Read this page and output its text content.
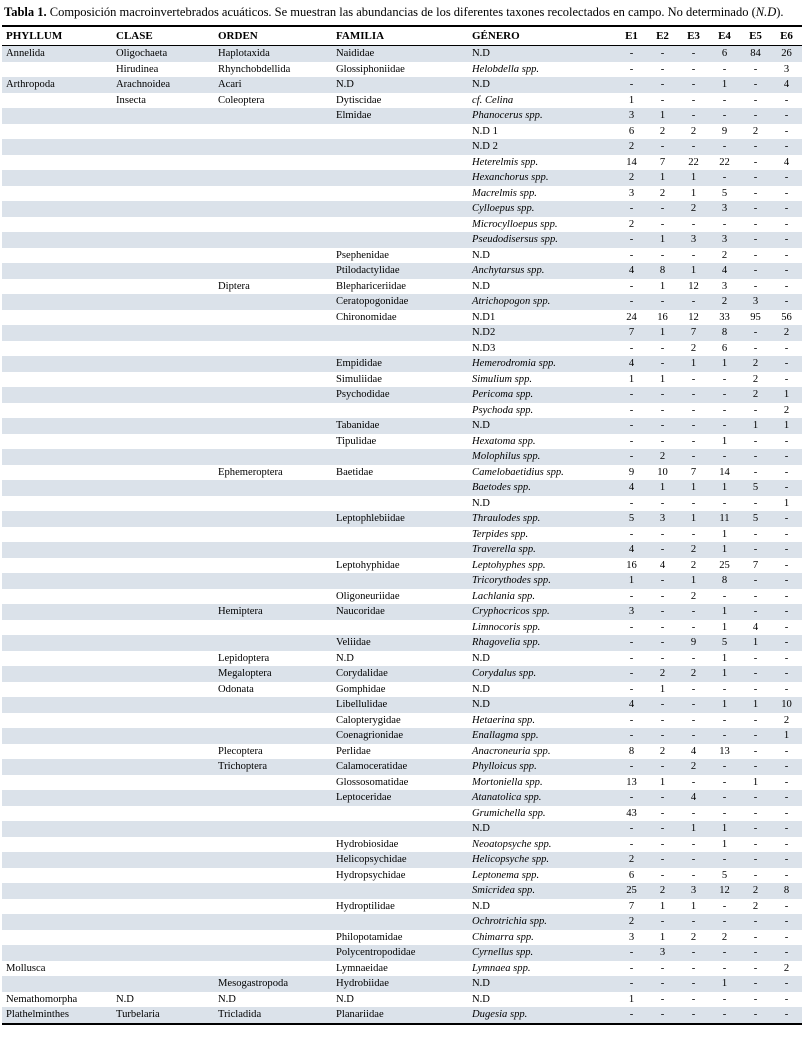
Tabla 1. Composición macroinvertebrados acuáticos. Se muestran las abundancias de los diferentes taxones recolectados en campo. No determinado (N.D).
PHYLLUM	CLASE	ORDEN	FAMILIA	GÉNERO	E1	E2	E3	E4	E5	E6
Annelida	Oligochaeta	Haplotaxida	Naididae	N.D	-	-	-	6	84	26
	Hirudinea	Rhynchobdellida	Glossiphoniidae	Helobdella spp.	-	-	-	-	-	3
Arthropoda	Arachnoidea	Acari	N.D	N.D	-	-	-	1	-	4
	Insecta	Coleoptera	Dytiscidae	cf. Celina	1	-	-	-	-	-
			Elmidae	Phanocerus spp.	3	1	-	-	-	-
				N.D 1	6	2	2	9	2	-
				N.D 2	2	-	-	-	-	-
				Heterelmis spp.	14	7	22	22	-	4
				Hexanchorus spp.	2	1	1	-	-	-
				Macrelmis spp.	3	2	1	5	-	-
				Cylloepus spp.	-	-	2	3	-	-
				Microcylloepus spp.	2	-	-	-	-	-
				Pseudodisersus spp.	-	1	3	3	-	-
			Psephenidae	N.D	-	-	-	2	-	-
			Ptilodactylidae	Anchytarsus spp.	4	8	1	4	-	-
		Diptera	Blephariceriidae	N.D	-	1	12	3	-	-
			Ceratopogonidae	Atrichopogon spp.	-	-	-	2	3	-
			Chironomidae	N.D1	24	16	12	33	95	56
				N.D2	7	1	7	8	-	2
				N.D3	-	-	2	6	-	-
			Empididae	Hemerodromia spp.	4	-	1	1	2	-
			Simuliidae	Simulium spp.	1	1	-	-	2	-
			Psychodidae	Pericoma spp.	-	-	-	-	2	1
				Psychoda spp.	-	-	-	-	-	2
			Tabanidae	N.D	-	-	-	-	1	1
			Tipulidae	Hexatoma spp.	-	-	-	1	-	-
				Molophilus spp.	-	2	-	-	-	-
		Ephemeroptera	Baetidae	Camelobaetidius spp.	9	10	7	14	-	-
				Baetodes spp.	4	1	1	1	5	-
				N.D	-	-	-	-	-	1
			Leptophlebiidae	Thraulodes spp.	5	3	1	11	5	-
				Terpides spp.	-	-	-	1	-	-
				Traverella spp.	4	-	2	1	-	-
			Leptohyphidae	Leptohyphes spp.	16	4	2	25	7	-
				Tricorythodes spp.	1	-	1	8	-	-
			Oligoneuriidae	Lachlania spp.	-	-	2	-	-	-
		Hemiptera	Naucoridae	Cryphocricos spp.	3	-	-	1	-	-
				Limnocoris spp.	-	-	-	1	4	-
			Veliidae	Rhagovelia spp.	-	-	9	5	1	-
		Lepidoptera	N.D	N.D	-	-	-	1	-	-
		Megaloptera	Corydalidae	Corydalus spp.	-	2	2	1	-	-
		Odonata	Gomphidae	N.D	-	1	-	-	-	-
			Libellulidae	N.D	4	-	-	1	1	10
			Calopterygidae	Hetaerina spp.	-	-	-	-	-	2
			Coenagrionidae	Enallagma spp.	-	-	-	-	-	1
		Plecoptera	Perlidae	Anacroneuria spp.	8	2	4	13	-	-
		Trichoptera	Calamoceratidae	Phylloicus spp.	-	-	2	-	-	-
			Glossosomatidae	Mortoniella spp.	13	1	-	-	1	-
			Leptoceridae	Atanatolica spp.	-	-	4	-	-	-
				Grumichella spp.	43	-	-	-	-	-
				N.D	-	-	1	1	-	-
			Hydrobiosidae	Neoatopsyche spp.	-	-	-	1	-	-
			Helicopsychidae	Helicopsyche spp.	2	-	-	-	-	-
			Hydropsychidae	Leptonema spp.	6	-	-	5	-	-
				Smicridea spp.	25	2	3	12	2	8
			Hydroptilidae	N.D	7	1	1	-	2	-
				Ochrotrichia spp.	2	-	-	-	-	-
			Philopotamidae	Chimarra spp.	3	1	2	2	-	-
			Polycentropodidae	Cyrnellus spp.	-	3	-	-	-	-
Mollusca			Lymnaeidae	Lymnaea spp.	-	-	-	-	-	2
		Mesogastropoda	Hydrobiidae	N.D	-	-	-	1	-	-
Nemathomorpha	N.D	N.D	N.D	N.D	1	-	-	-	-	-
Plathelminthes	Turbelaria	Tricladida	Planariidae	Dugesia spp.	-	-	-	-	-	-
